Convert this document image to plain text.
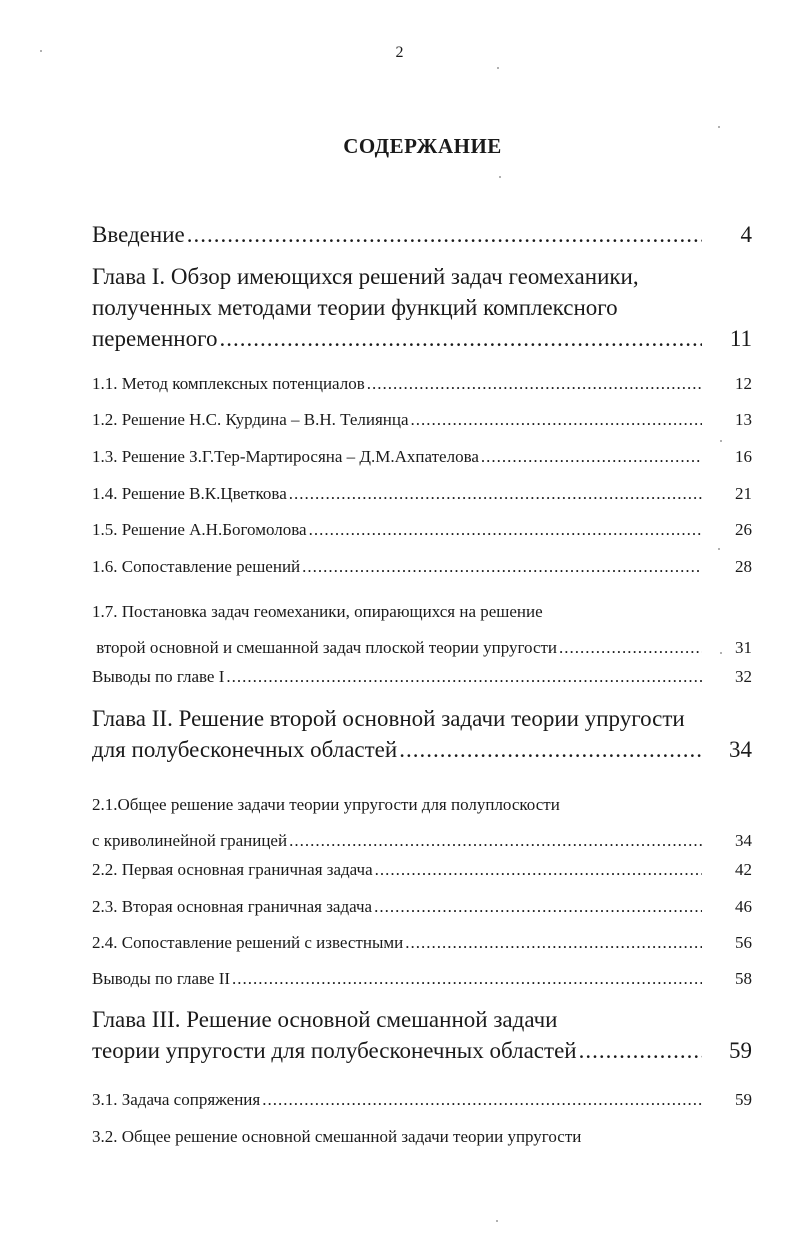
2
СОДЕРЖАНИЕ
Введение .....	4
Глава I. Обзор имеющихся решений задач геомеханики,
полученных методами теории функций комплексного
переменного .....	11
1.1. Метод комплексных потенциалов .....	12
1.2. Решение Н.С. Курдина – В.Н. Телиянца .....	13
1.3. Решение З.Г.Тер-Мартиросяна – Д.М.Ахпателова .....	16
1.4. Решение В.К.Цветкова .....	21
1.5. Решение А.Н.Богомолова .....	26
1.6. Сопоставление решений .....	28
1.7. Постановка задач геомеханики, опирающихся на решение
второй основной и смешанной задач плоской теории упругости .....	31
Выводы по главе I .....	32
Глава II. Решение второй основной задачи теории упругости
для полубесконечных областей .....	34
2.1.Общее решение задачи теории упругости для полуплоскости
с криволинейной границей .....	34
2.2. Первая основная граничная задача .....	42
2.3. Вторая основная граничная задача .....	46
2.4. Сопоставление решений с известными .....	56
Выводы по главе II .....	58
Глава III. Решение основной смешанной задачи
теории упругости для полубесконечных областей .....	59
3.1. Задача сопряжения .....	59
3.2. Общее решение основной смешанной задачи теории упругости
